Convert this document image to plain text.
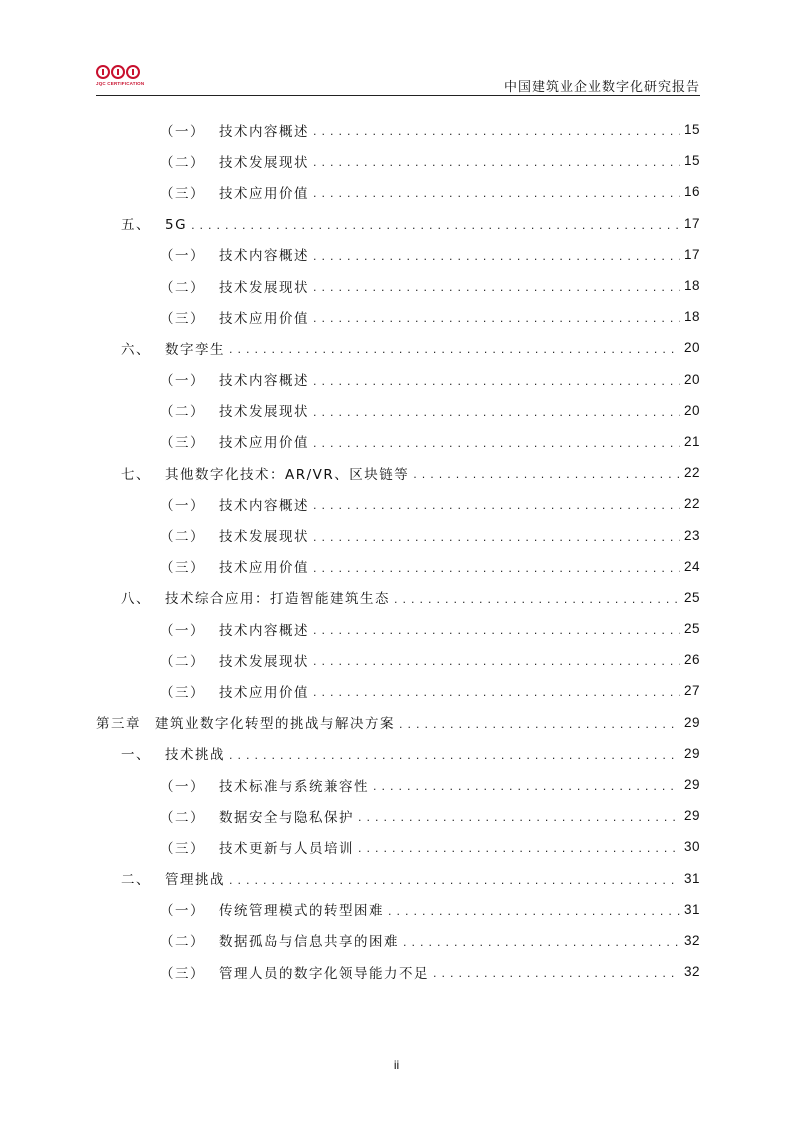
JQC CERTIFICATION	中国建筑业企业数字化研究报告
（一） 技术内容概述 .....	15
（二） 技术发展现状 .....	15
（三） 技术应用价值 .....	16
五、 5G .....	17
（一） 技术内容概述 .....	17
（二） 技术发展现状 .....	18
（三） 技术应用价值 .....	18
六、 数字孪生 .....	20
（一） 技术内容概述 .....	20
（二） 技术发展现状 .....	20
（三） 技术应用价值 .....	21
七、 其他数字化技术：AR/VR、区块链等 .....	22
（一） 技术内容概述 .....	22
（二） 技术发展现状 .....	23
（三） 技术应用价值 .....	24
八、 技术综合应用：打造智能建筑生态 .....	25
（一） 技术内容概述 .....	25
（二） 技术发展现状 .....	26
（三） 技术应用价值 .....	27
第三章 建筑业数字化转型的挑战与解决方案 .....	29
一、 技术挑战 .....	29
（一） 技术标准与系统兼容性 .....	29
（二） 数据安全与隐私保护 .....	29
（三） 技术更新与人员培训 .....	30
二、 管理挑战 .....	31
（一） 传统管理模式的转型困难 .....	31
（二） 数据孤岛与信息共享的困难 .....	32
（三） 管理人员的数字化领导能力不足 .....	32
ii
